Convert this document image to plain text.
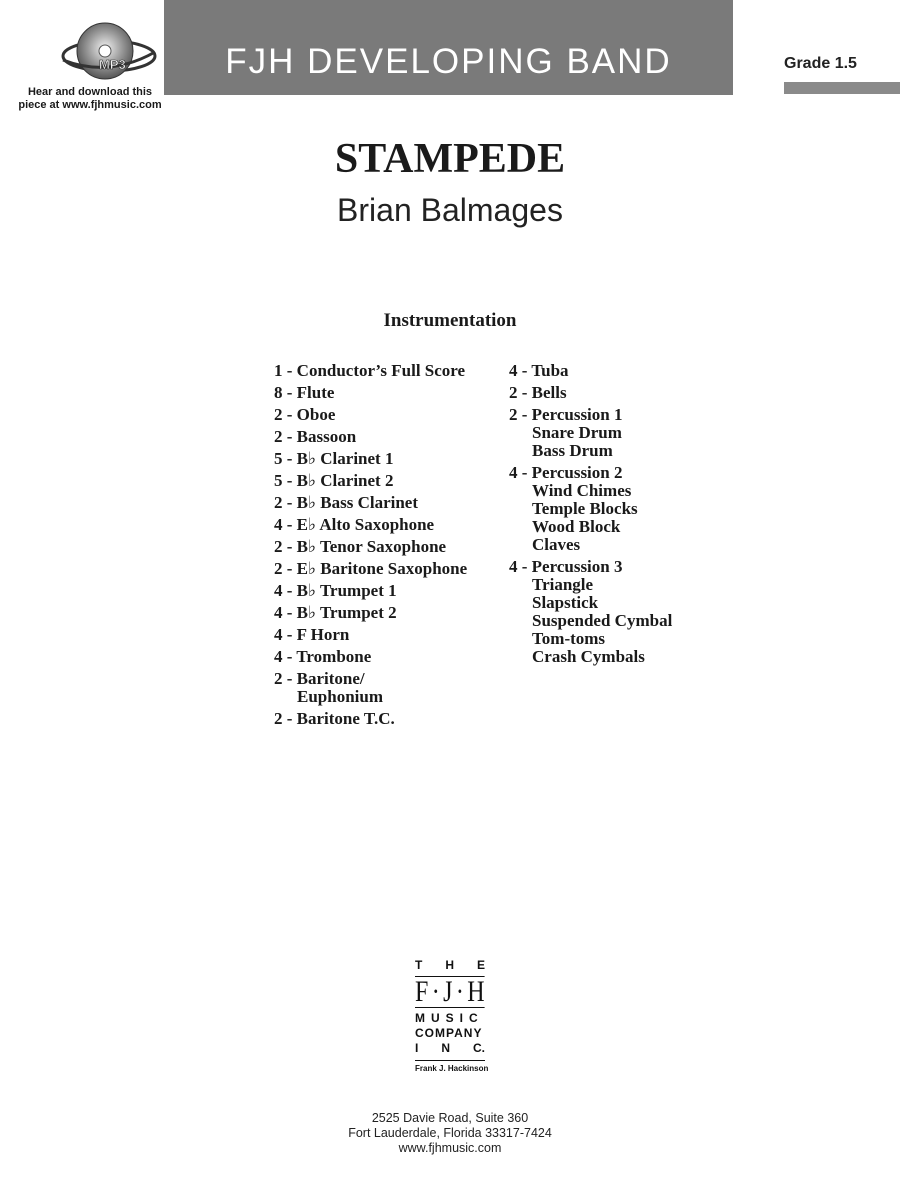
MP3
Hear and download this
piece at www.fjhmusic.com
FJH DEVELOPING BAND	Grade 1.5
STAMPEDE
Brian Balmages
Instrumentation
1 - Conductor’s Full Score
8 - Flute
2 - Oboe
2 - Bassoon
5 - B♭ Clarinet 1
5 - B♭ Clarinet 2
2 - B♭ Bass Clarinet
4 - E♭ Alto Saxophone
2 - B♭ Tenor Saxophone
2 - E♭ Baritone Saxophone
4 - B♭ Trumpet 1
4 - B♭ Trumpet 2
4 - F Horn
4 - Trombone
2 - Baritone/
Euphonium
2 - Baritone T.C.
4 - Tuba
2 - Bells
2 - Percussion 1
Snare Drum
Bass Drum
4 - Percussion 2
Wind Chimes
Temple Blocks
Wood Block
Claves
4 - Percussion 3
Triangle
Slapstick
Suspended Cymbal
Tom-toms
Crash Cymbals
T H E
F · J · H
MUSIC
COMPANY
I N C.
Frank J. Hackinson
2525 Davie Road, Suite 360
Fort Lauderdale, Florida 33317-7424
www.fjhmusic.com
